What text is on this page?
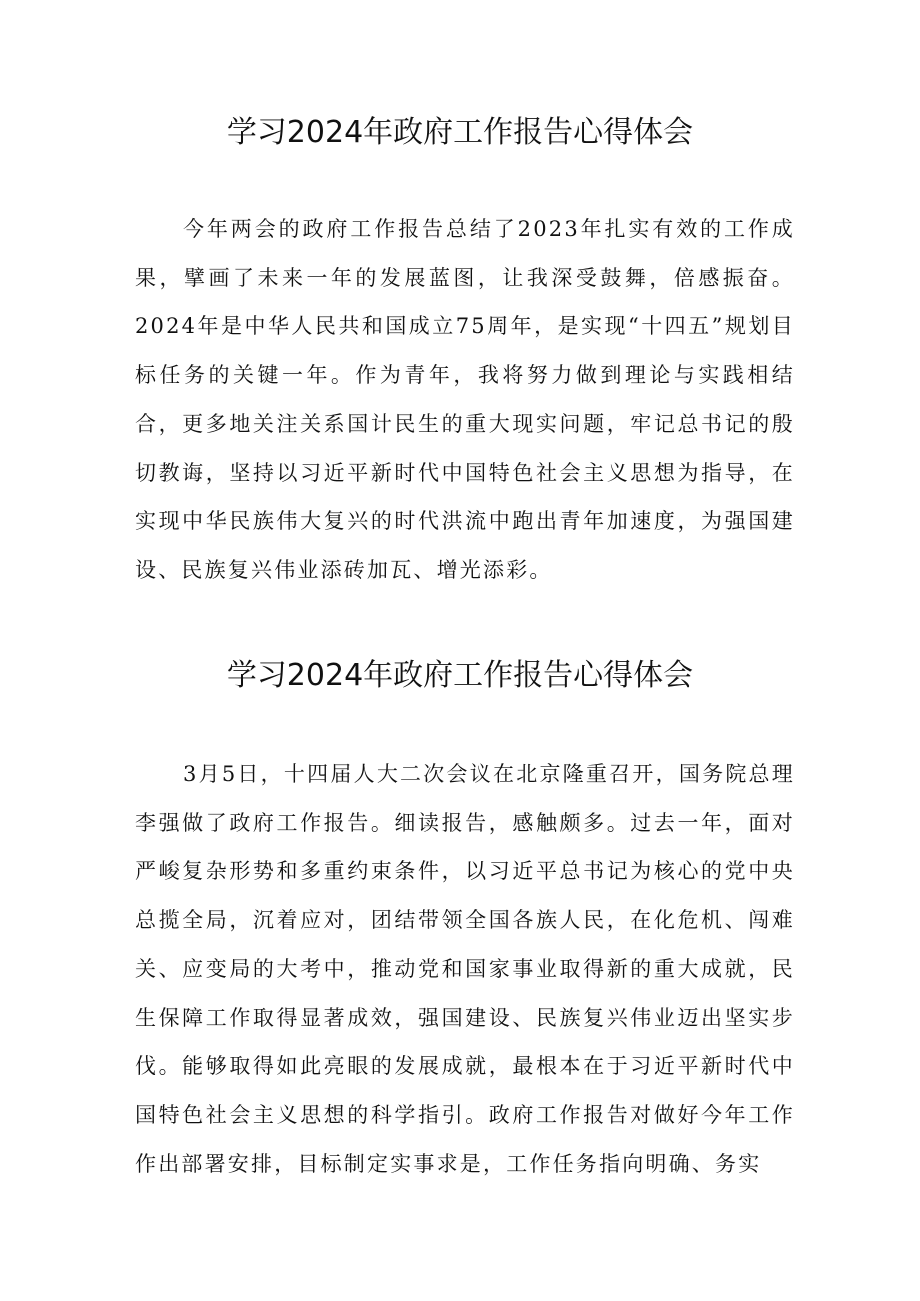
学习2024年政府工作报告心得体会

今年两会的政府工作报告总结了2023年扎实有效的工作成果，擘画了未来一年的发展蓝图，让我深受鼓舞，倍感振奋。2024年是中华人民共和国成立75周年，是实现“十四五”规划目标任务的关键一年。作为青年，我将努力做到理论与实践相结合，更多地关注关系国计民生的重大现实问题，牢记总书记的殷切教诲，坚持以习近平新时代中国特色社会主义思想为指导，在实现中华民族伟大复兴的时代洪流中跑出青年加速度，为强国建设、民族复兴伟业添砖加瓦、增光添彩。

学习2024年政府工作报告心得体会

3月5日，十四届人大二次会议在北京隆重召开，国务院总理李强做了政府工作报告。细读报告，感触颇多。过去一年，面对严峻复杂形势和多重约束条件，以习近平总书记为核心的党中央总揽全局，沉着应对，团结带领全国各族人民，在化危机、闯难关、应变局的大考中，推动党和国家事业取得新的重大成就，民生保障工作取得显著成效，强国建设、民族复兴伟业迈出坚实步伐。能够取得如此亮眼的发展成就，最根本在于习近平新时代中国特色社会主义思想的科学指引。政府工作报告对做好今年工作作出部署安排，目标制定实事求是，工作任务指向明确、务实
